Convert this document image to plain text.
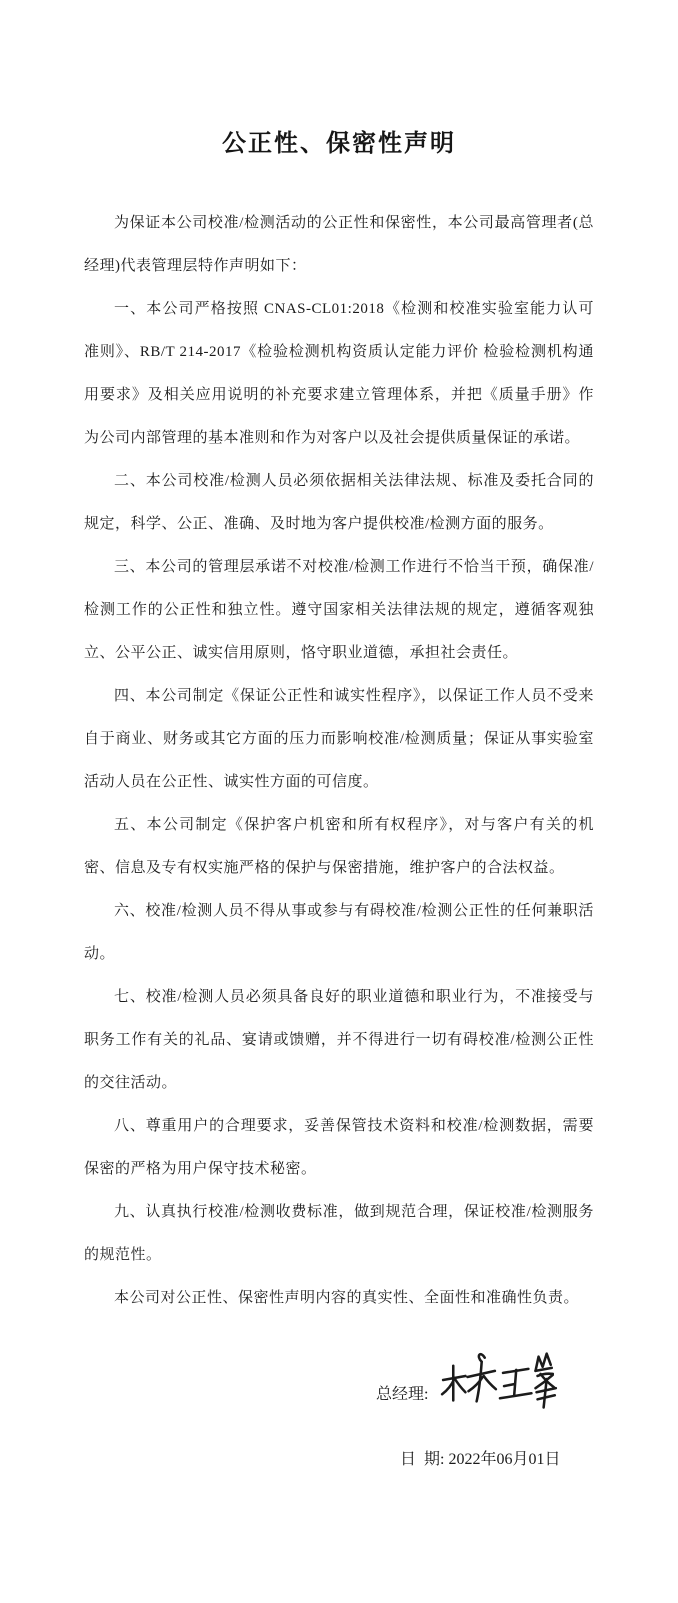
公正性、保密性声明

为保证本公司校准/检测活动的公正性和保密性，本公司最高管理者(总经理)代表管理层特作声明如下：

一、本公司严格按照 CNAS-CL01:2018《检测和校准实验室能力认可准则》、RB/T 214-2017《检验检测机构资质认定能力评价 检验检测机构通用要求》及相关应用说明的补充要求建立管理体系，并把《质量手册》作为公司内部管理的基本准则和作为对客户以及社会提供质量保证的承诺。

二、本公司校准/检测人员必须依据相关法律法规、标准及委托合同的规定，科学、公正、准确、及时地为客户提供校准/检测方面的服务。

三、本公司的管理层承诺不对校准/检测工作进行不恰当干预，确保准/检测工作的公正性和独立性。遵守国家相关法律法规的规定，遵循客观独立、公平公正、诚实信用原则，恪守职业道德，承担社会责任。

四、本公司制定《保证公正性和诚实性程序》，以保证工作人员不受来自于商业、财务或其它方面的压力而影响校准/检测质量；保证从事实验室活动人员在公正性、诚实性方面的可信度。

五、本公司制定《保护客户机密和所有权程序》，对与客户有关的机密、信息及专有权实施严格的保护与保密措施，维护客户的合法权益。

六、校准/检测人员不得从事或参与有碍校准/检测公正性的任何兼职活动。

七、校准/检测人员必须具备良好的职业道德和职业行为，不准接受与职务工作有关的礼品、宴请或馈赠，并不得进行一切有碍校准/检测公正性的交往活动。

八、尊重用户的合理要求，妥善保管技术资料和校准/检测数据，需要保密的严格为用户保守技术秘密。

九、认真执行校准/检测收费标准，做到规范合理，保证校准/检测服务的规范性。

本公司对公正性、保密性声明内容的真实性、全面性和准确性负责。

总经理:

日  期: 2022年06月01日
